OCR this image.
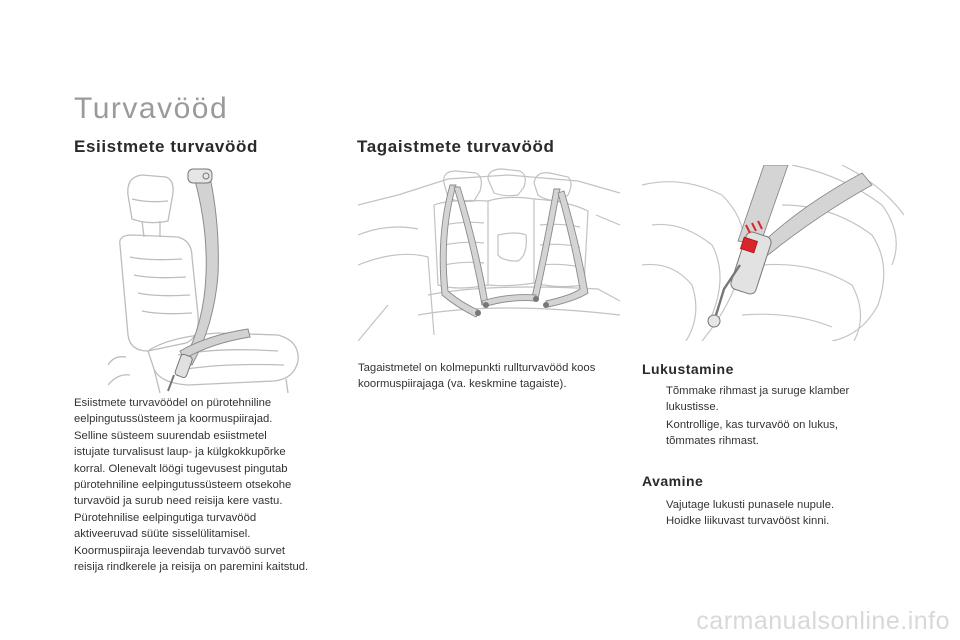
Turvavööd
Esiistmete turvavööd
Esiistmete turvavöödel on pürotehniline
eelpingutussüsteem ja koormuspiirajad.
Selline süsteem suurendab esiistmetel
istujate turvalisust laup- ja külgkokkupõrke
korral. Olenevalt löögi tugevusest pingutab
pürotehniline eelpingutussüsteem otsekohe
turvavöid ja surub need reisija kere vastu.
Pürotehnilise eelpingutiga turvavööd
aktiveeruvad süüte sisselülitamisel.
Koormuspiiraja leevendab turvavöö survet
reisija rindkerele ja reisija on paremini kaitstud.
Tagaistmete turvavööd
Tagaistmetel on kolmepunkti rullturvavööd koos
koormuspiirajaga (va. keskmine tagaiste).
Lukustamine
Tõmmake rihmast ja suruge klamber
lukustisse.
Kontrollige, kas turvavöö on lukus,
tõmmates rihmast.
Avamine
Vajutage lukusti punasele nupule.
Hoidke liikuvast turvavööst kinni.
carmanualsonline.info
